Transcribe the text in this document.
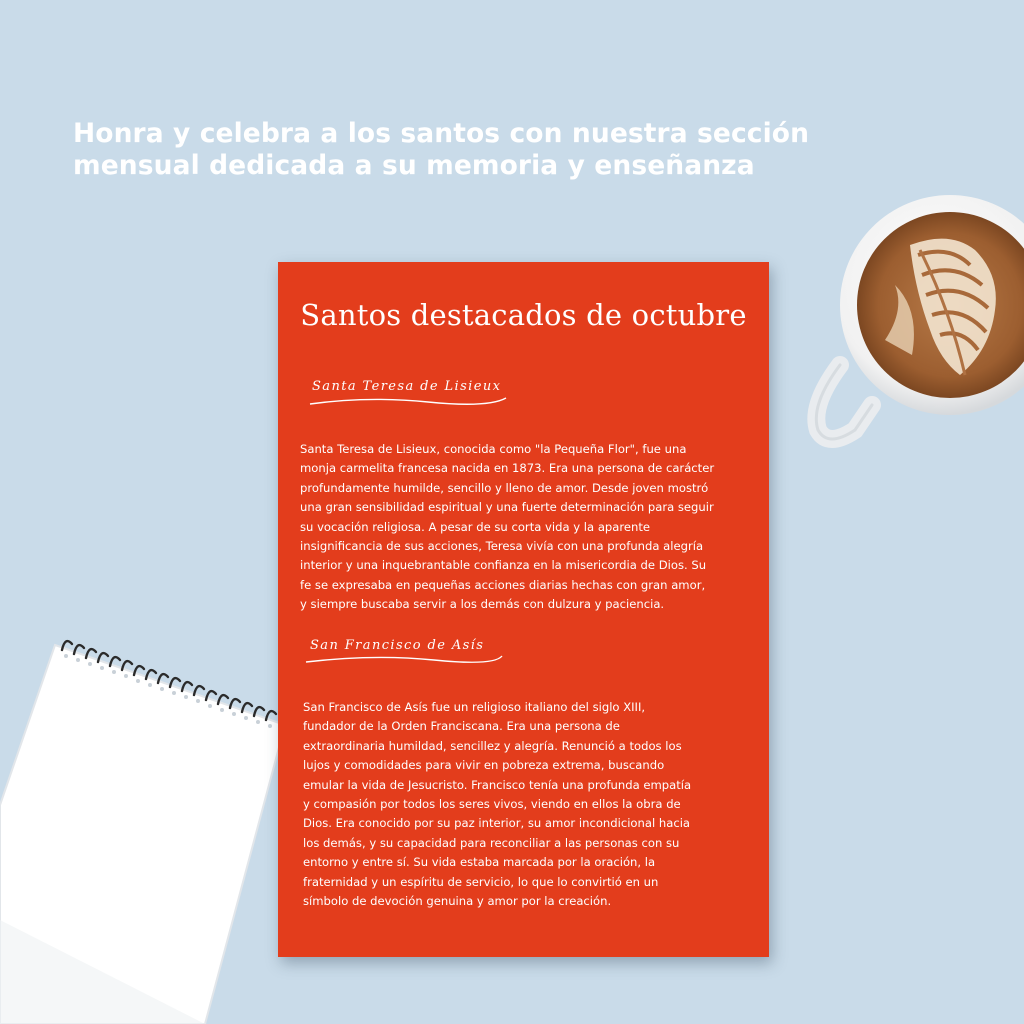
Honra y celebra a los santos con nuestra sección
mensual dedicada a su memoria y enseñanza
Santos destacados de octubre
Santa Teresa de Lisieux

Santa Teresa de Lisieux, conocida como "la Pequeña Flor", fue una
monja carmelita francesa nacida en 1873. Era una persona de carácter
profundamente humilde, sencillo y lleno de amor. Desde joven mostró
una gran sensibilidad espiritual y una fuerte determinación para seguir
su vocación religiosa. A pesar de su corta vida y la aparente
insignificancia de sus acciones, Teresa vivía con una profunda alegría
interior y una inquebrantable confianza en la misericordia de Dios. Su
fe se expresaba en pequeñas acciones diarias hechas con gran amor,
y siempre buscaba servir a los demás con dulzura y paciencia.

San Francisco de Asís

San Francisco de Asís fue un religioso italiano del siglo XIII,
fundador de la Orden Franciscana. Era una persona de
extraordinaria humildad, sencillez y alegría. Renunció a todos los
lujos y comodidades para vivir en pobreza extrema, buscando
emular la vida de Jesucristo. Francisco tenía una profunda empatía
y compasión por todos los seres vivos, viendo en ellos la obra de
Dios. Era conocido por su paz interior, su amor incondicional hacia
los demás, y su capacidad para reconciliar a las personas con su
entorno y entre sí. Su vida estaba marcada por la oración, la
fraternidad y un espíritu de servicio, lo que lo convirtió en un
símbolo de devoción genuina y amor por la creación.
